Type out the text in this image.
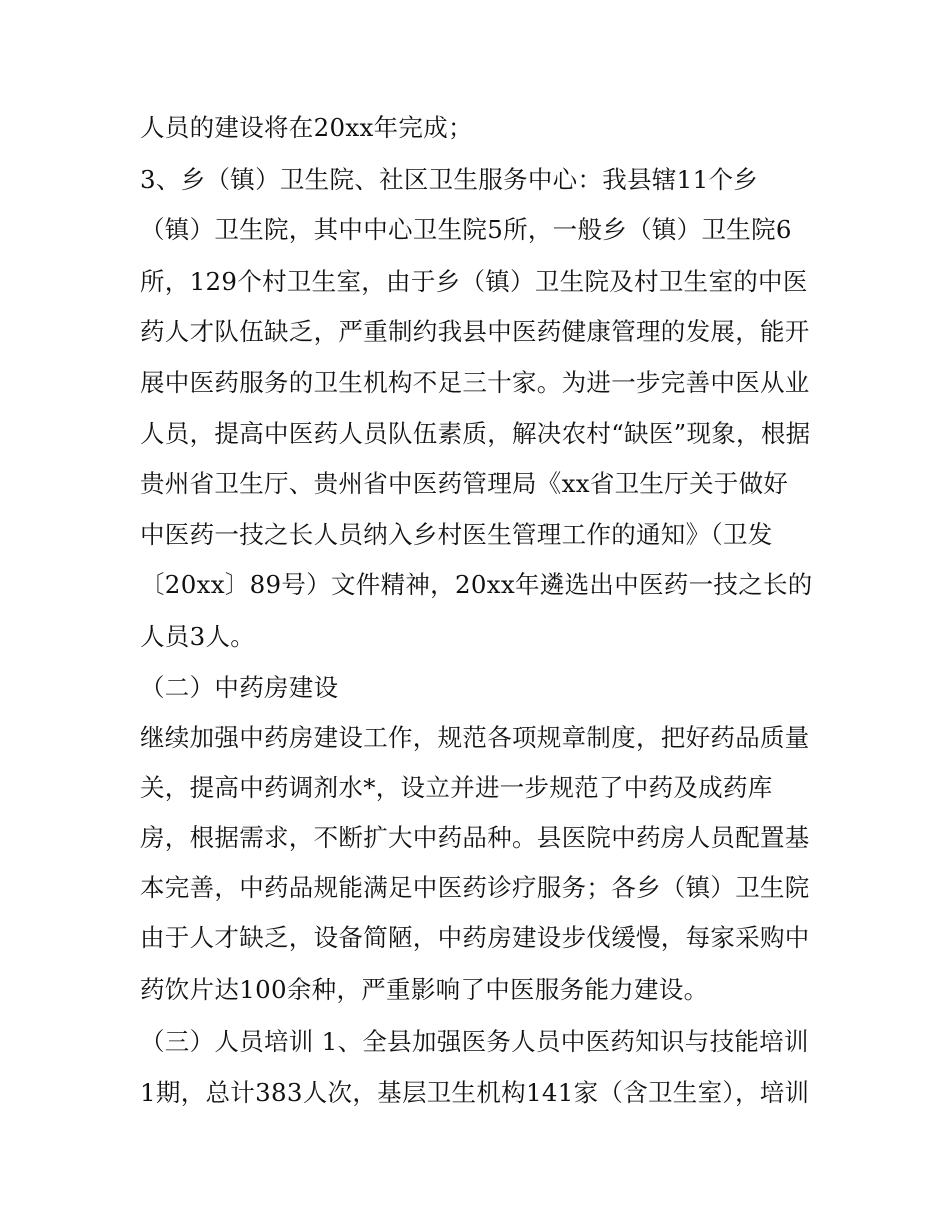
人员的建设将在20xx年完成；
3、乡（镇）卫生院、社区卫生服务中心：我县辖11个乡
（镇）卫生院，其中中心卫生院5所，一般乡（镇）卫生院6
所，129个村卫生室，由于乡（镇）卫生院及村卫生室的中医
药人才队伍缺乏，严重制约我县中医药健康管理的发展，能开
展中医药服务的卫生机构不足三十家。为进一步完善中医从业
人员，提高中医药人员队伍素质，解决农村“缺医”现象，根据
贵州省卫生厅、贵州省中医药管理局《xx省卫生厅关于做好
中医药一技之长人员纳入乡村医生管理工作的通知》（卫发
〔20xx〕89号）文件精神，20xx年遴选出中医药一技之长的
人员3人。
（二）中药房建设
继续加强中药房建设工作，规范各项规章制度，把好药品质量
关，提高中药调剂水*，设立并进一步规范了中药及成药库
房，根据需求，不断扩大中药品种。县医院中药房人员配置基
本完善，中药品规能满足中医药诊疗服务；各乡（镇）卫生院
由于人才缺乏，设备简陋，中药房建设步伐缓慢，每家采购中
药饮片达100余种，严重影响了中医服务能力建设。
（三）人员培训 1、全县加强医务人员中医药知识与技能培训
1期，总计383人次，基层卫生机构141家（含卫生室），培训
